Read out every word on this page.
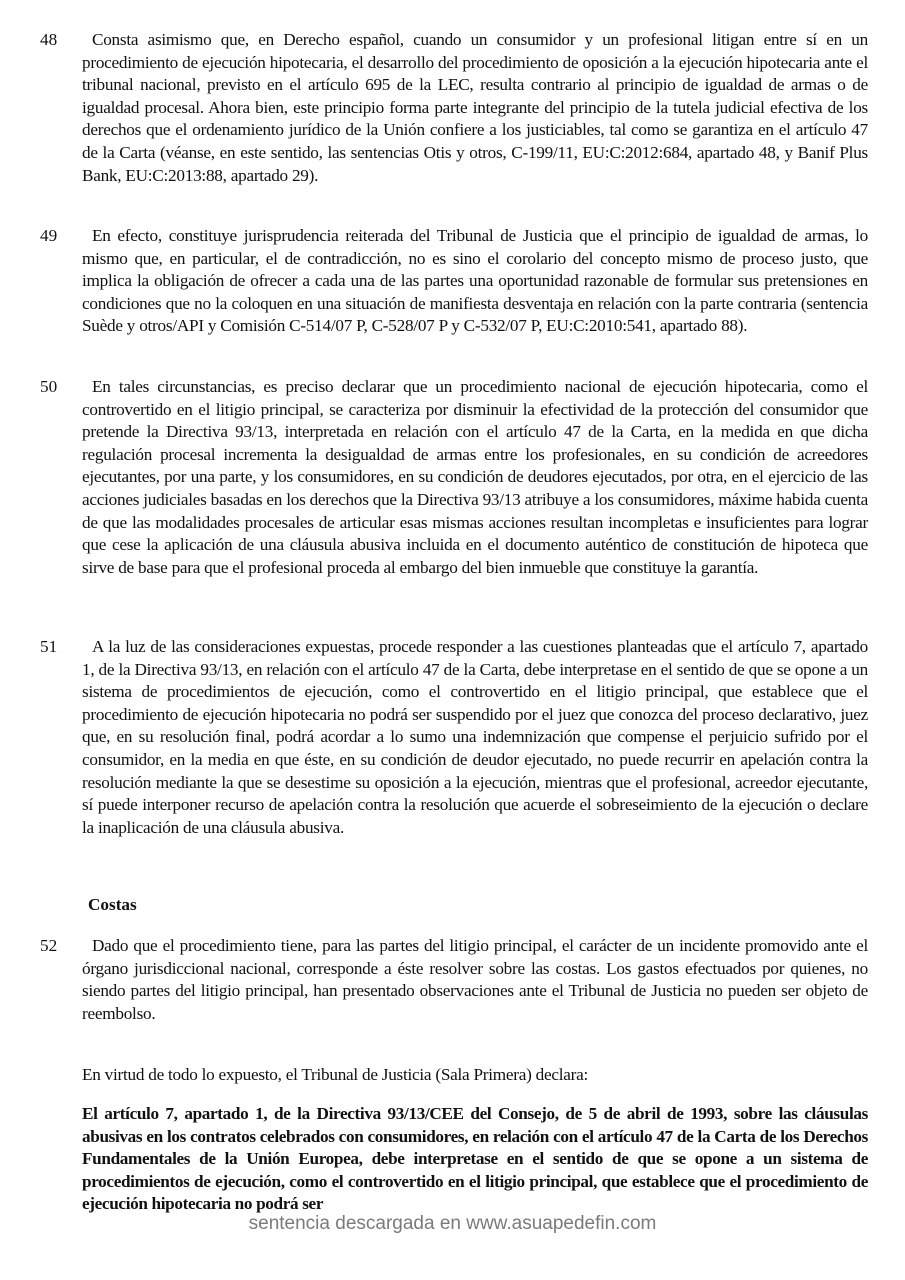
48	Consta asimismo que, en Derecho español, cuando un consumidor y un profesional litigan entre sí en un procedimiento de ejecución hipotecaria, el desarrollo del procedimiento de oposición a la ejecución hipotecaria ante el tribunal nacional, previsto en el artículo 695 de la LEC, resulta contrario al principio de igualdad de armas o de igualdad procesal. Ahora bien, este principio forma parte integrante del principio de la tutela judicial efectiva de los derechos que el ordenamiento jurídico de la Unión confiere a los justiciables, tal como se garantiza en el artículo 47 de la Carta (véanse, en este sentido, las sentencias Otis y otros, C‑199/11, EU:C:2012:684, apartado 48, y Banif Plus Bank, EU:C:2013:88, apartado 29).
49	En efecto, constituye jurisprudencia reiterada del Tribunal de Justicia que el principio de igualdad de armas, lo mismo que, en particular, el de contradicción, no es sino el corolario del concepto mismo de proceso justo, que implica la obligación de ofrecer a cada una de las partes una oportunidad razonable de formular sus pretensiones en condiciones que no la coloquen en una situación de manifiesta desventaja en relación con la parte contraria (sentencia Suède y otros/API y Comisión C‑514/07 P, C‑528/07 P y C‑532/07 P, EU:C:2010:541, apartado 88).
50	En tales circunstancias, es preciso declarar que un procedimiento nacional de ejecución hipotecaria, como el controvertido en el litigio principal, se caracteriza por disminuir la efectividad de la protección del consumidor que pretende la Directiva 93/13, interpretada en relación con el artículo 47 de la Carta, en la medida en que dicha regulación procesal incrementa la desigualdad de armas entre los profesionales, en su condición de acreedores ejecutantes, por una parte, y los consumidores, en su condición de deudores ejecutados, por otra, en el ejercicio de las acciones judiciales basadas en los derechos que la Directiva 93/13 atribuye a los consumidores, máxime habida cuenta de que las modalidades procesales de articular esas mismas acciones resultan incompletas e insuficientes para lograr que cese la aplicación de una cláusula abusiva incluida en el documento auténtico de constitución de hipoteca que sirve de base para que el profesional proceda al embargo del bien inmueble que constituye la garantía.
51	A la luz de las consideraciones expuestas, procede responder a las cuestiones planteadas que el artículo 7, apartado 1, de la Directiva 93/13, en relación con el artículo 47 de la Carta, debe interpretase en el sentido de que se opone a un sistema de procedimientos de ejecución, como el controvertido en el litigio principal, que establece que el procedimiento de ejecución hipotecaria no podrá ser suspendido por el juez que conozca del proceso declarativo, juez que, en su resolución final, podrá acordar a lo sumo una indemnización que compense el perjuicio sufrido por el consumidor, en la media en que éste, en su condición de deudor ejecutado, no puede recurrir en apelación contra la resolución mediante la que se desestime su oposición a la ejecución, mientras que el profesional, acreedor ejecutante, sí puede interponer recurso de apelación contra la resolución que acuerde el sobreseimiento de la ejecución o declare la inaplicación de una cláusula abusiva.
Costas
52	Dado que el procedimiento tiene, para las partes del litigio principal, el carácter de un incidente promovido ante el órgano jurisdiccional nacional, corresponde a éste resolver sobre las costas. Los gastos efectuados por quienes, no siendo partes del litigio principal, han presentado observaciones ante el Tribunal de Justicia no pueden ser objeto de reembolso.
En virtud de todo lo expuesto, el Tribunal de Justicia (Sala Primera) declara:
El artículo 7, apartado 1, de la Directiva 93/13/CEE del Consejo, de 5 de abril de 1993, sobre las cláusulas abusivas en los contratos celebrados con consumidores, en relación con el artículo 47 de la Carta de los Derechos Fundamentales de la Unión Europea, debe interpretase en el sentido de que se opone a un sistema de procedimientos de ejecución, como el controvertido en el litigio principal, que establece que el procedimiento de ejecución hipotecaria no podrá ser
sentencia descargada en www.asuapedefin.com
